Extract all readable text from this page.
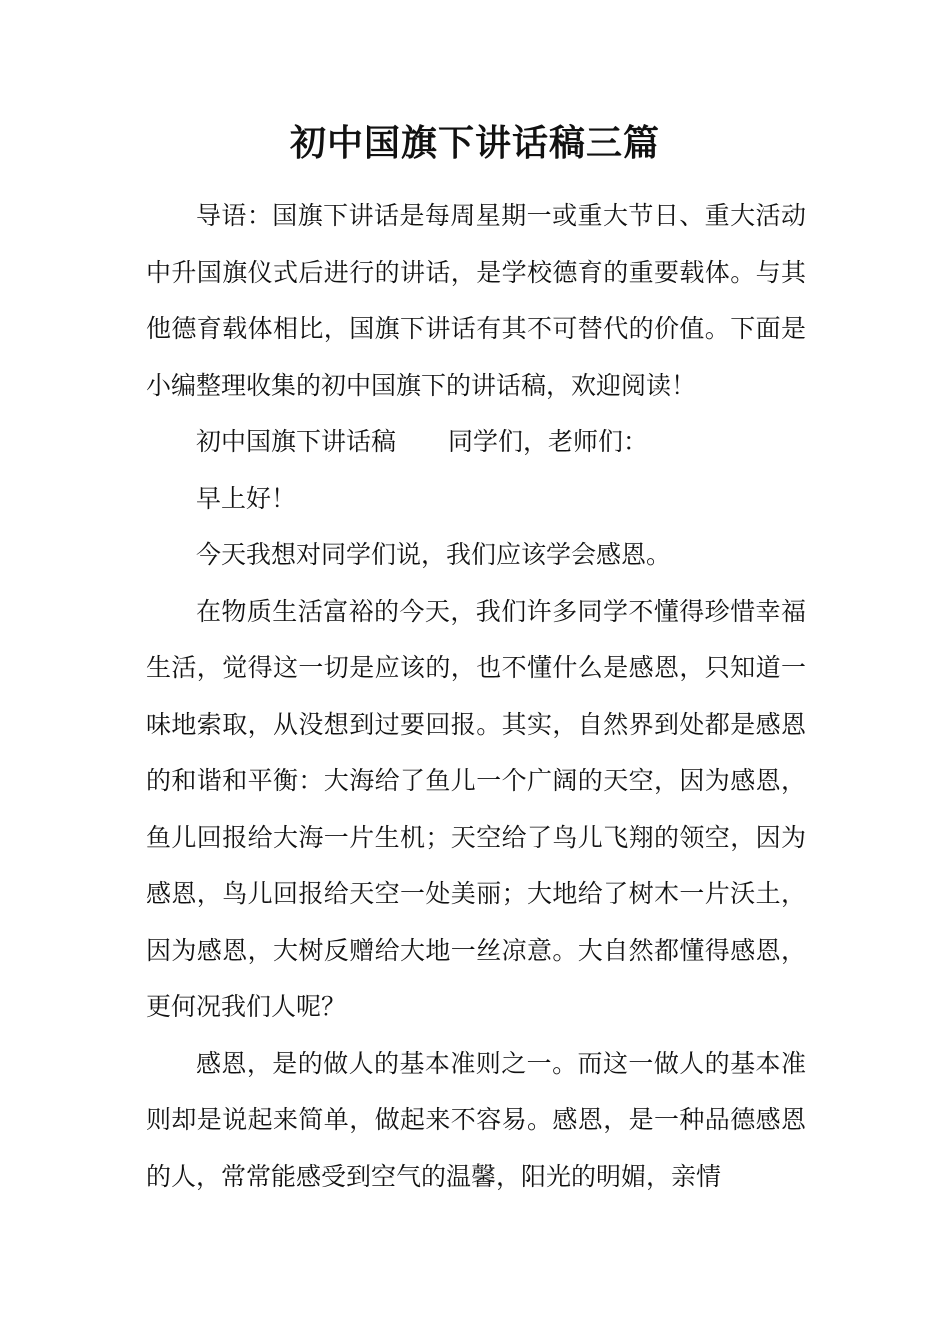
初中国旗下讲话稿三篇

导语：国旗下讲话是每周星期一或重大节日、重大活动中升国旗仪式后进行的讲话，是学校德育的重要载体。与其他德育载体相比，国旗下讲话有其不可替代的价值。下面是小编整理收集的初中国旗下的讲话稿，欢迎阅读！

初中国旗下讲话稿 同学们，老师们：

早上好！

今天我想对同学们说，我们应该学会感恩。

在物质生活富裕的今天，我们许多同学不懂得珍惜幸福生活，觉得这一切是应该的，也不懂什么是感恩，只知道一味地索取，从没想到过要回报。其实，自然界到处都是感恩的和谐和平衡：大海给了鱼儿一个广阔的天空，因为感恩，鱼儿回报给大海一片生机；天空给了鸟儿飞翔的领空，因为感恩，鸟儿回报给天空一处美丽；大地给了树木一片沃土，因为感恩，大树反赠给大地一丝凉意。大自然都懂得感恩，更何况我们人呢？

感恩，是的做人的基本准则之一。而这一做人的基本准则却是说起来简单，做起来不容易。感恩，是一种品德感恩的人，常常能感受到空气的温馨，阳光的明媚，亲情
